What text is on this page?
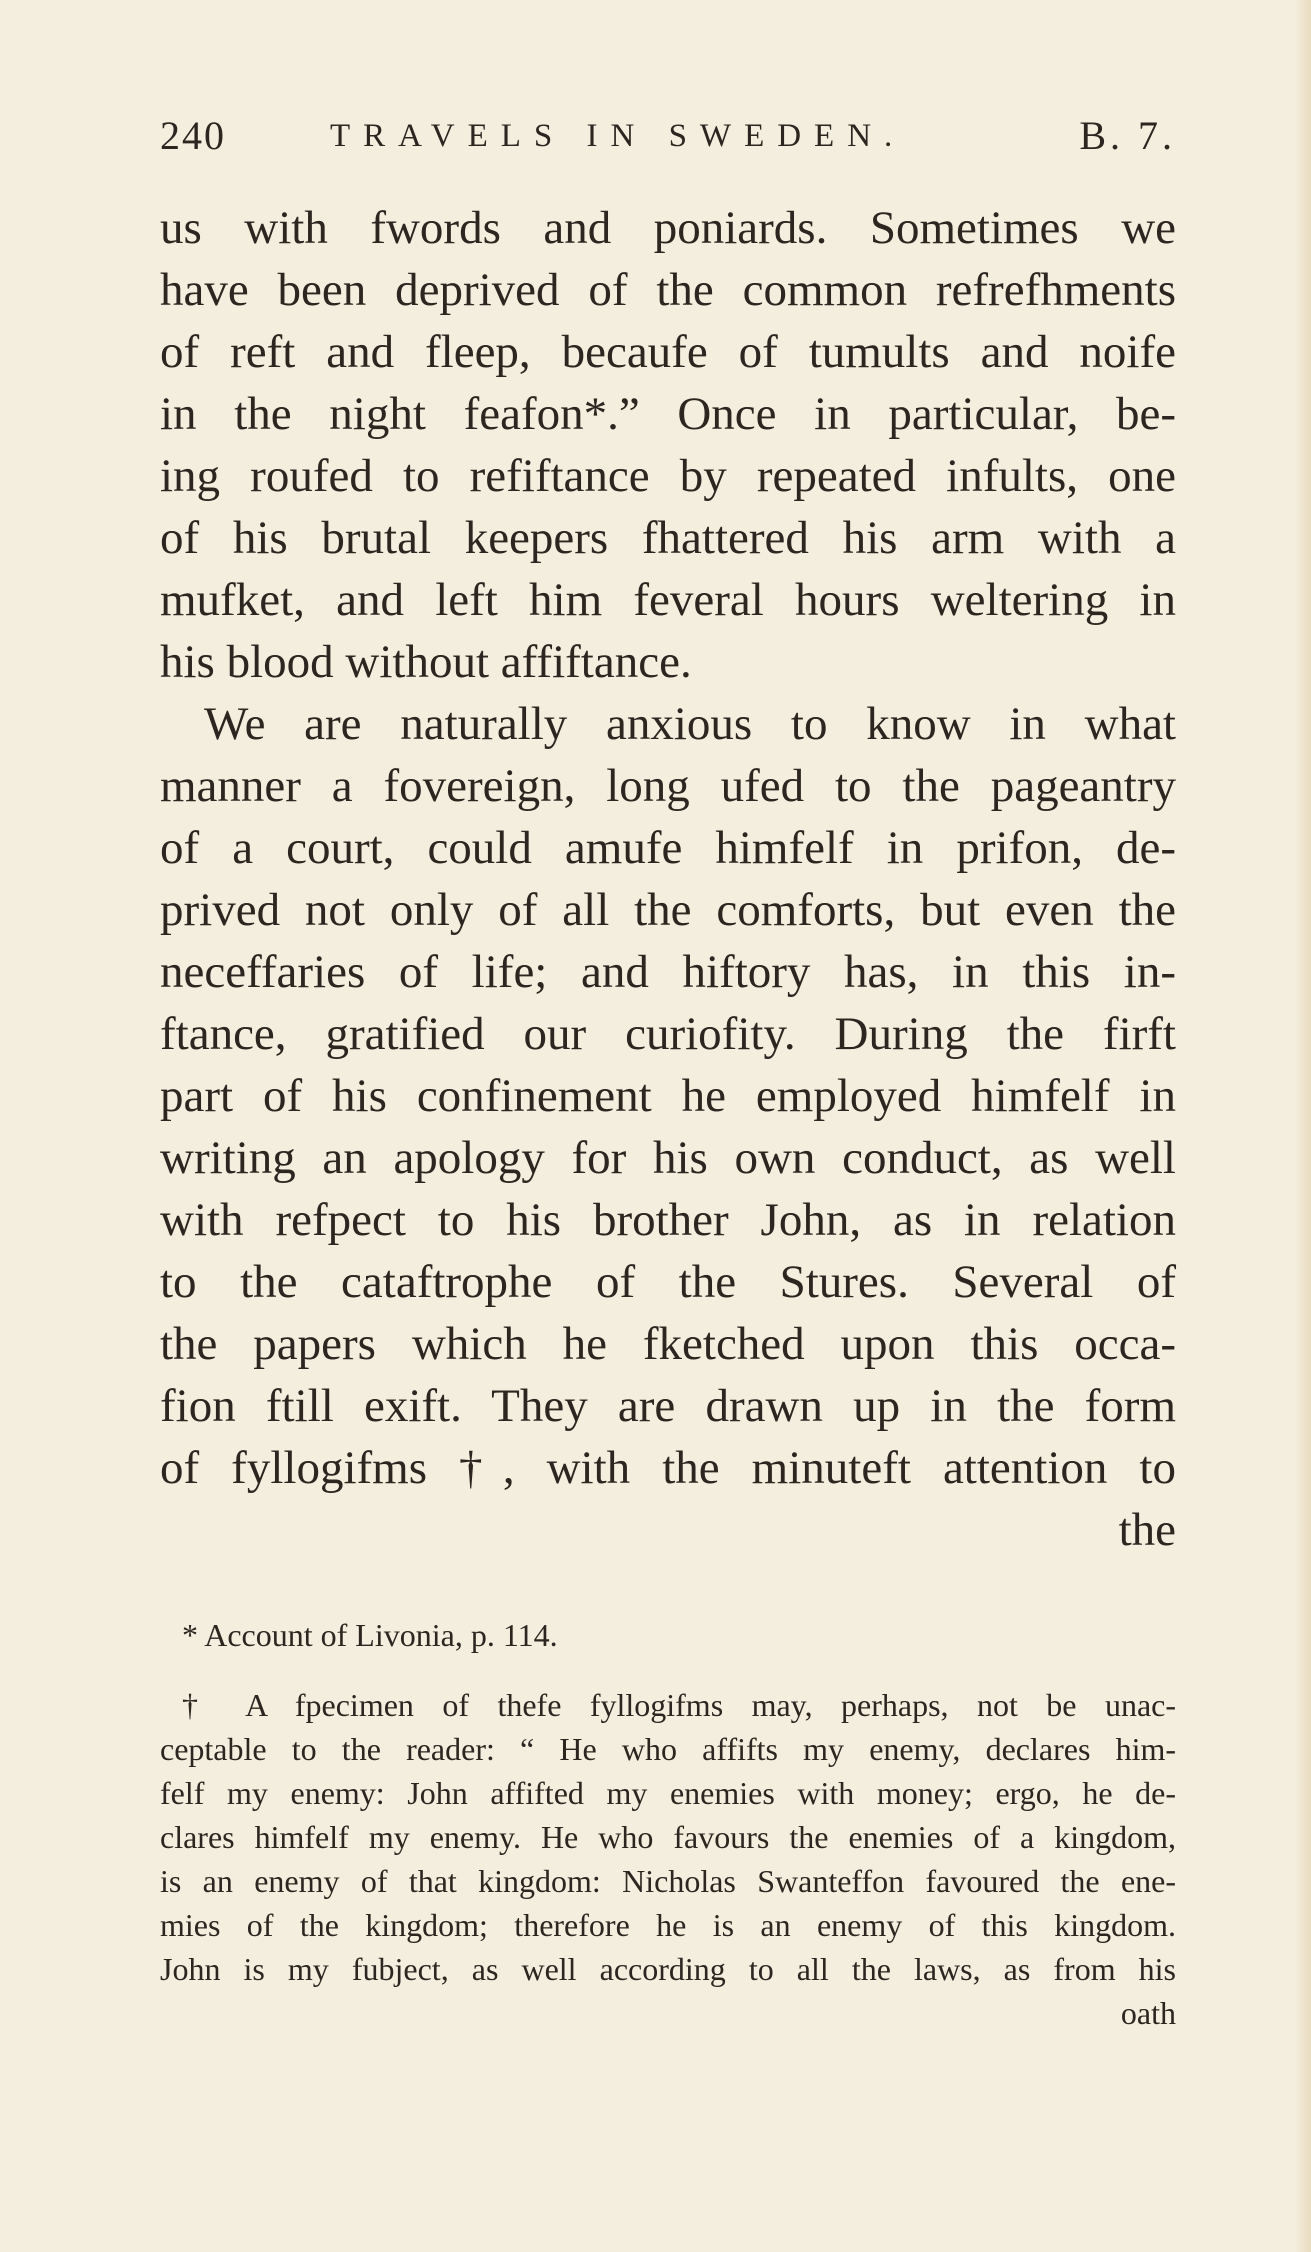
240	TRAVELS IN SWEDEN.	B. 7.
us with fwords and poniards. Sometimes we
have been deprived of the common refrefhments
of reft and fleep, becaufe of tumults and noife
in the night feafon*.” Once in particular, be-
ing roufed to refiftance by repeated infults, one
of his brutal keepers fhattered his arm with a
mufket, and left him feveral hours weltering in
his blood without affiftance.
We are naturally anxious to know in what
manner a fovereign, long ufed to the pageantry
of a court, could amufe himfelf in prifon, de-
prived not only of all the comforts, but even the
neceffaries of life; and hiftory has, in this in-
ftance, gratified our curiofity. During the firft
part of his confinement he employed himfelf in
writing an apology for his own conduct, as well
with refpect to his brother John, as in relation
to the cataftrophe of the Stures. Several of
the papers which he fketched upon this occa-
fion ftill exift. They are drawn up in the form
of fyllogifms †, with the minuteft attention to
the
* Account of Livonia, p. 114.
† A fpecimen of thefe fyllogifms may, perhaps, not be unac-
ceptable to the reader: “ He who affifts my enemy, declares him-
felf my enemy: John affifted my enemies with money; ergo, he de-
clares himfelf my enemy. He who favours the enemies of a kingdom,
is an enemy of that kingdom: Nicholas Swanteffon favoured the ene-
mies of the kingdom; therefore he is an enemy of this kingdom.
John is my fubject, as well according to all the laws, as from his
oath
